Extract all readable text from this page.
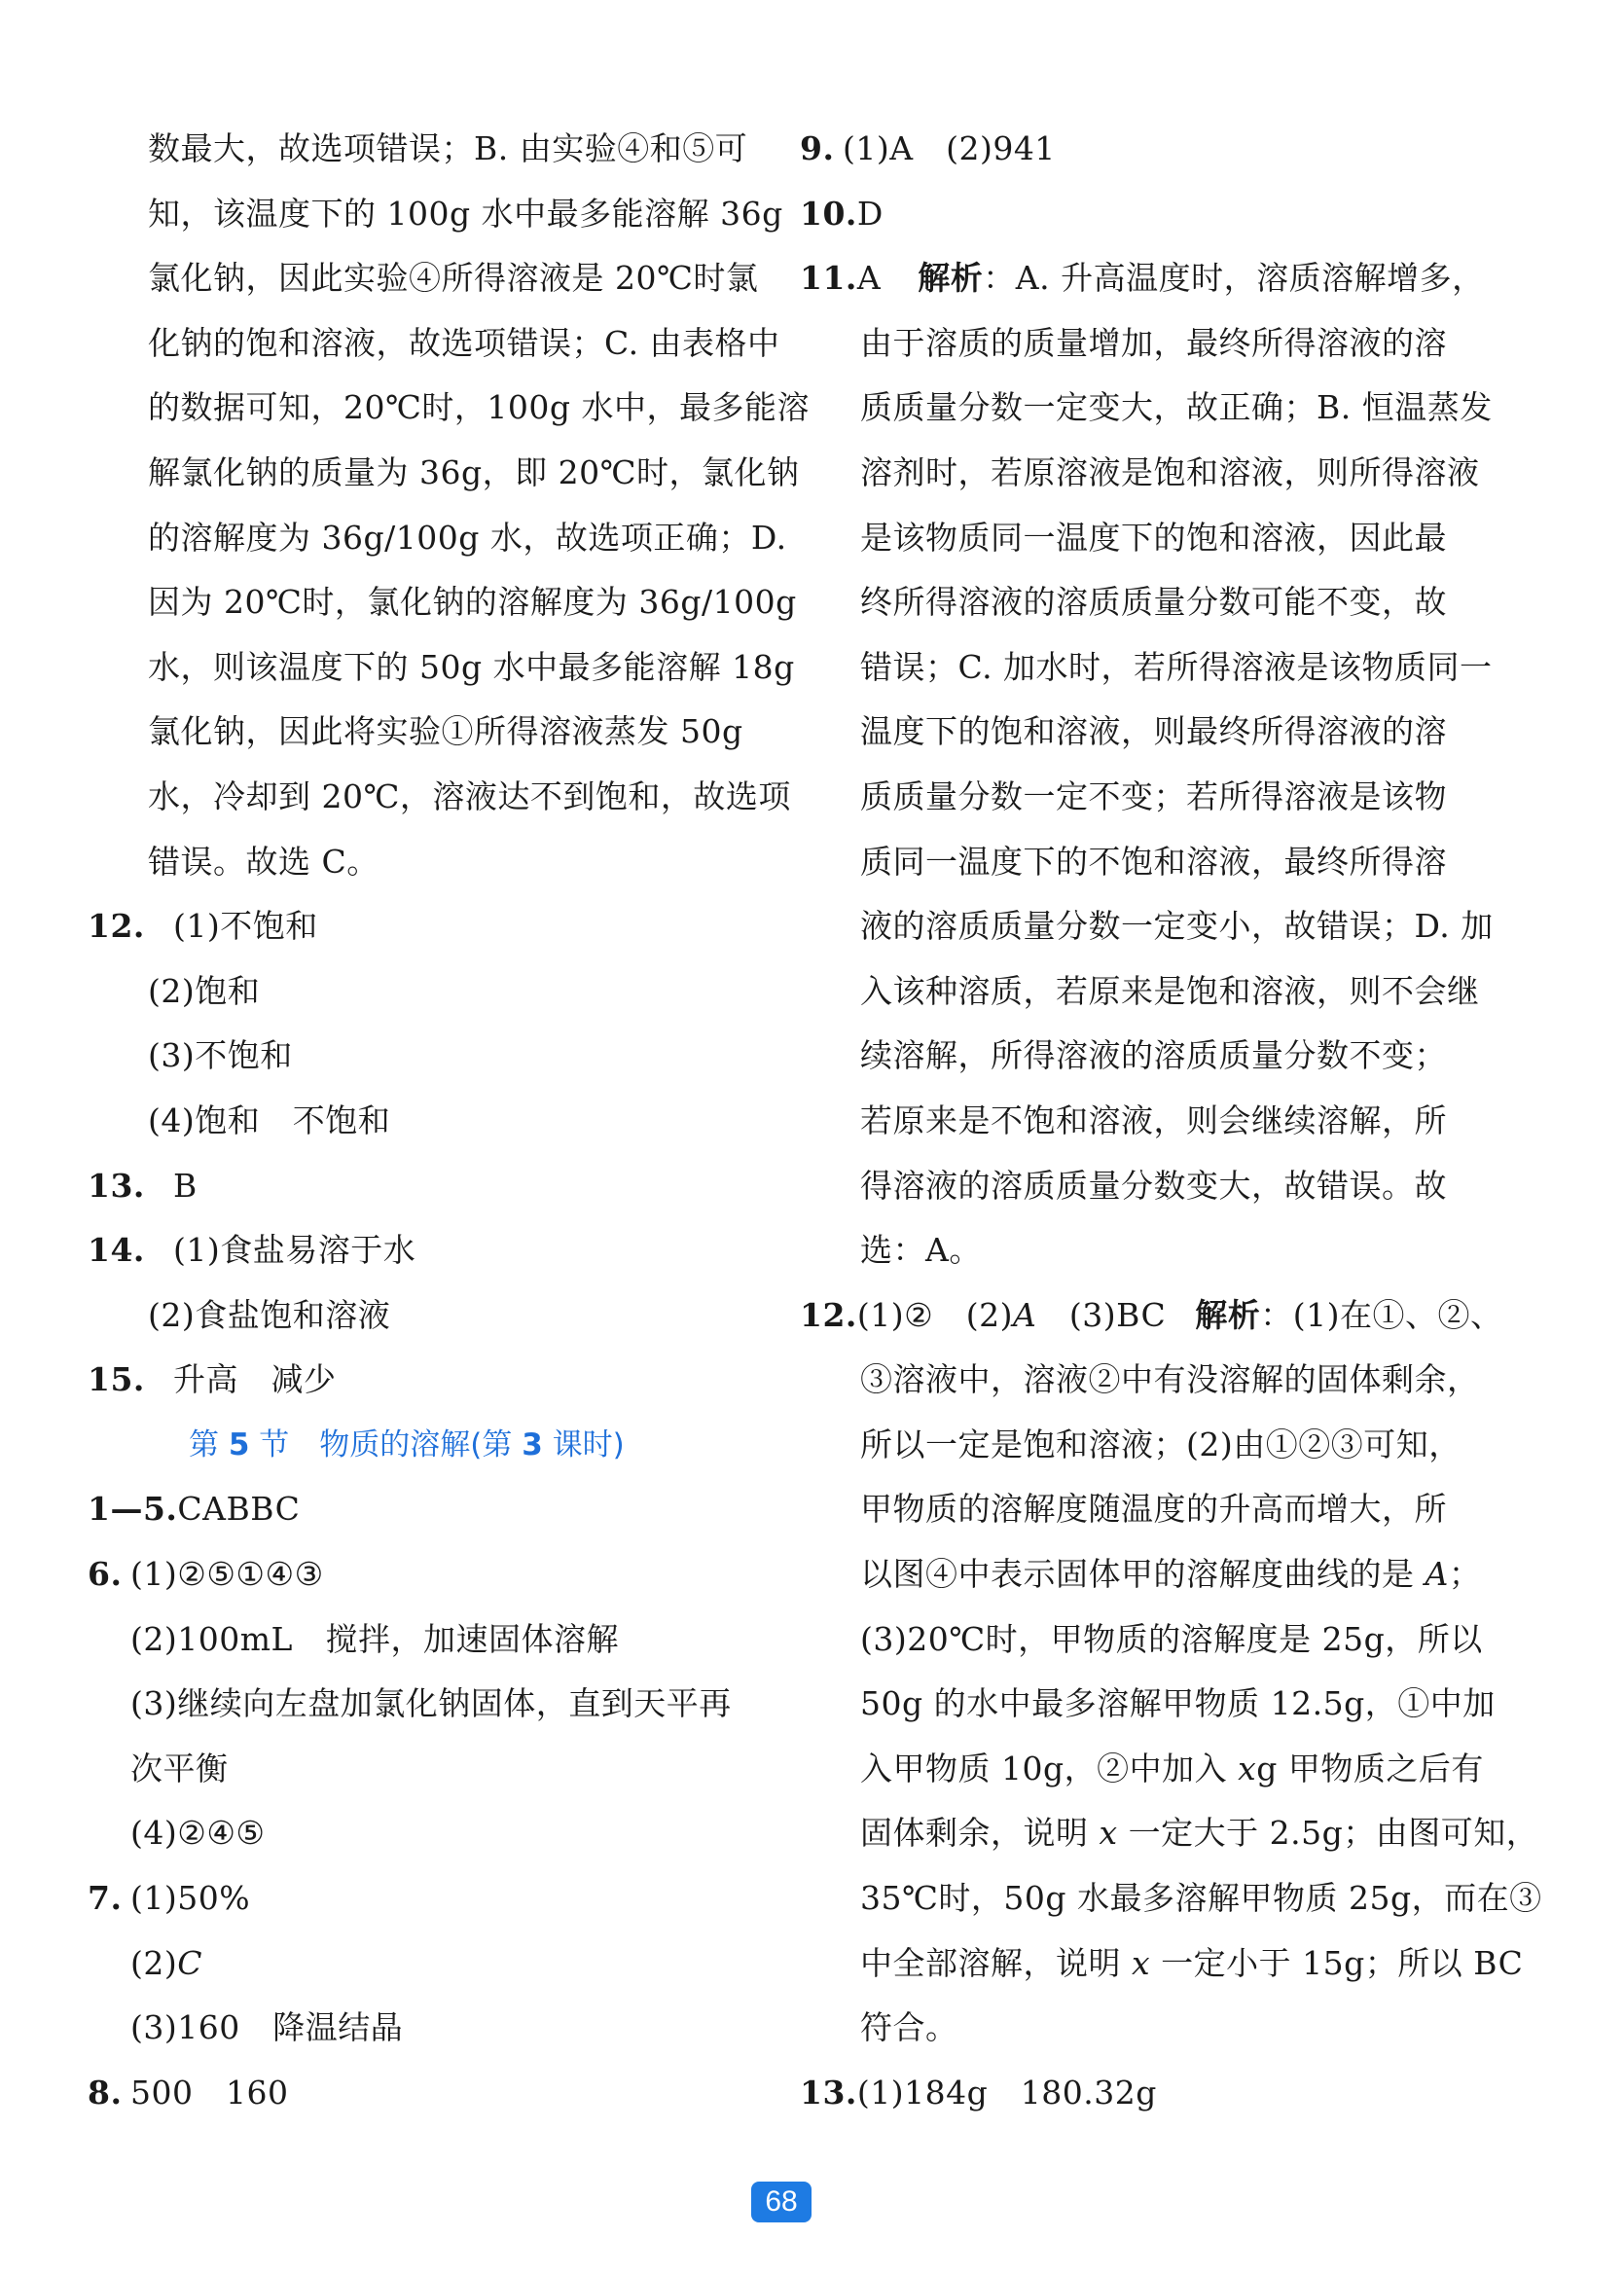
数最大，故选项错误；B. 由实验④和⑤可
知，该温度下的 100g 水中最多能溶解 36g
氯化钠，因此实验④所得溶液是 20℃时氯
化钠的饱和溶液，故选项错误；C. 由表格中
的数据可知，20℃时，100g 水中，最多能溶
解氯化钠的质量为 36g，即 20℃时，氯化钠
的溶解度为 36g/100g 水，故选项正确；D.
因为 20℃时，氯化钠的溶解度为 36g/100g
水，则该温度下的 50g 水中最多能溶解 18g
氯化钠，因此将实验①所得溶液蒸发 50g
水，冷却到 20℃，溶液达不到饱和，故选项
错误。故选 C。
12. (1)不饱和
(2)饱和
(3)不饱和
(4)饱和　不饱和
13. B
14. (1)食盐易溶于水
(2)食盐饱和溶液
15. 升高　减少
第 5 节　物质的溶解(第 3 课时)
1—5.CABBC
6. (1)②⑤①④③
(2)100mL　搅拌，加速固体溶解
(3)继续向左盘加氯化钠固体，直到天平再
次平衡
(4)②④⑤
7. (1)50%
(2)C
(3)160　降温结晶
8. 500　160
9. (1)A　(2)941
10.D
11.A 解析：A. 升高温度时，溶质溶解增多，
由于溶质的质量增加，最终所得溶液的溶
质质量分数一定变大，故正确；B. 恒温蒸发
溶剂时，若原溶液是饱和溶液，则所得溶液
是该物质同一温度下的饱和溶液，因此最
终所得溶液的溶质质量分数可能不变，故
错误；C. 加水时，若所得溶液是该物质同一
温度下的饱和溶液，则最终所得溶液的溶
质质量分数一定不变；若所得溶液是该物
质同一温度下的不饱和溶液，最终所得溶
液的溶质质量分数一定变小，故错误；D. 加
入该种溶质，若原来是饱和溶液，则不会继
续溶解，所得溶液的溶质质量分数不变；
若原来是不饱和溶液，则会继续溶解，所
得溶液的溶质质量分数变大，故错误。故
选：A。
12.(1)②　(2)A　(3)BC 解析：(1)在①、②、
③溶液中，溶液②中有没溶解的固体剩余，
所以一定是饱和溶液；(2)由①②③可知，
甲物质的溶解度随温度的升高而增大，所
以图④中表示固体甲的溶解度曲线的是 A；
(3)20℃时，甲物质的溶解度是 25g，所以
50g 的水中最多溶解甲物质 12.5g，①中加
入甲物质 10g，②中加入 xg 甲物质之后有
固体剩余，说明 x 一定大于 2.5g；由图可知，
35℃时，50g 水最多溶解甲物质 25g，而在③
中全部溶解，说明 x 一定小于 15g；所以 BC
符合。
13.(1)184g　180.32g
68
